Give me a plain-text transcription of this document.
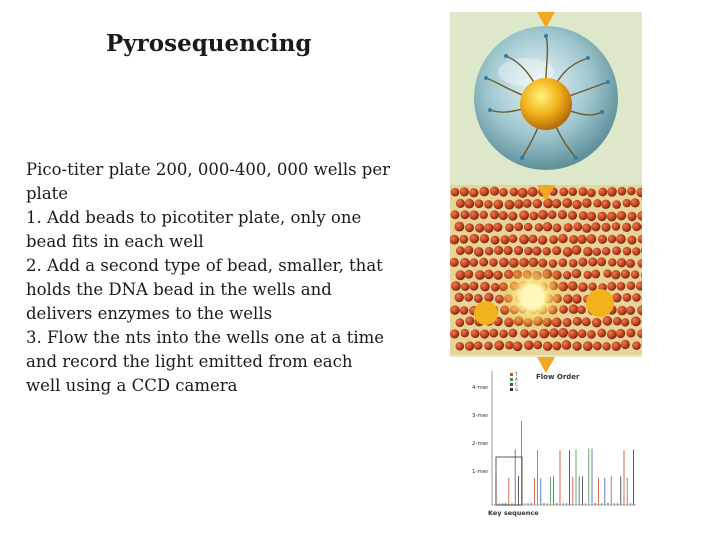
Pyrosequencing
Pico-titer plate 200, 000-400, 000 wells per
plate
1. Add beads to picotiter plate, only one
bead fits in each well
2. Add a second type of bead, smaller, that
holds the DNA bead in the wells and
delivers enzymes to the wells
3. Flow the nts into the wells one at a time
and record the light emitted from each
well using a CCD camera	Flow Order
T
A
C
G
4-mer
3-mer
2-mer
1-mer
Key sequence
